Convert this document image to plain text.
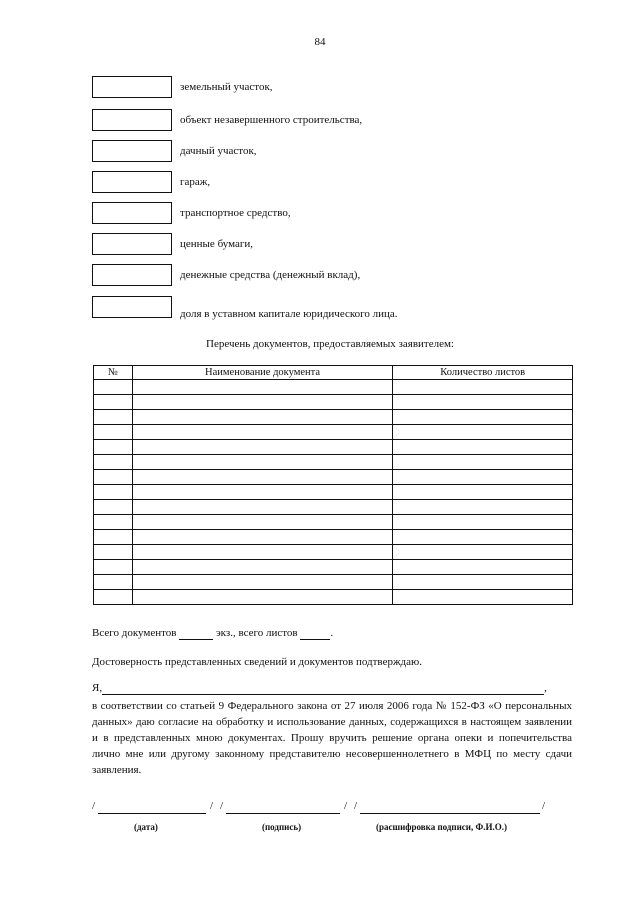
84
земельный участок,
объект незавершенного строительства,
дачный участок,
гараж,
транспортное средство,
ценные бумаги,
денежные средства (денежный вклад),
доля в уставном капитале юридического лица.
Перечень документов, предоставляемых заявителем:
№	Наименование документа	Количество листов

Всего документов	экз., всего листов	.
Достоверность представленных сведений и документов подтверждаю.
Я,	,
в соответствии со статьей 9 Федерального закона от 27 июля 2006 года № 152-ФЗ «О персональных данных» даю согласие на обработку и использование данных, содержащихся в настоящем заявлении и в представленных мною документах. Прошу вручить решение органа опеки и попечительства лично мне или другому законному представителю несовершеннолетнего в МФЦ по месту сдачи заявления.
/	/ /	/ /	/
(дата)	(подпись)	(расшифровка подписи, Ф.И.О.)
